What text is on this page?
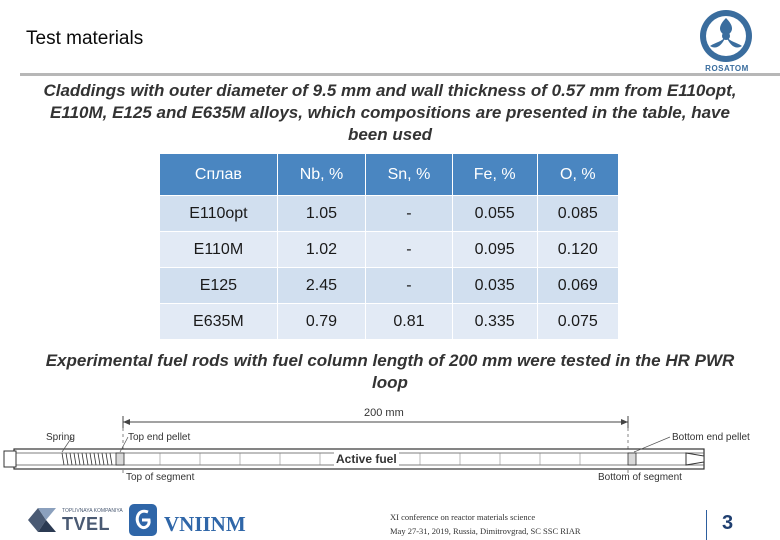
Test materials
ROSATOM
Claddings with outer diameter of 9.5 mm and wall thickness of 0.57 mm from E110opt, E110M, E125 and E635M alloys, which compositions are presented in the table, have been used
Сплав	Nb, %	Sn, %	Fe, %	O, %
E110opt	1.05	-	0.055	0.085
E110M	1.02	-	0.095	0.120
E125	2.45	-	0.035	0.069
E635M	0.79	0.81	0.335	0.075
Experimental fuel rods with fuel column length of 200 mm were tested in the HR PWR loop
200 mm
Spring	Top end pellet	Bottom end pellet
Active fuel
Top of segment	Bottom of segment
TOPLIVNAYA KOMPANIYA
TVEL	VNIINM	XI conference on reactor materials science
May 27-31, 2019, Russia, Dimitrovgrad, SC SSC RIAR	3
